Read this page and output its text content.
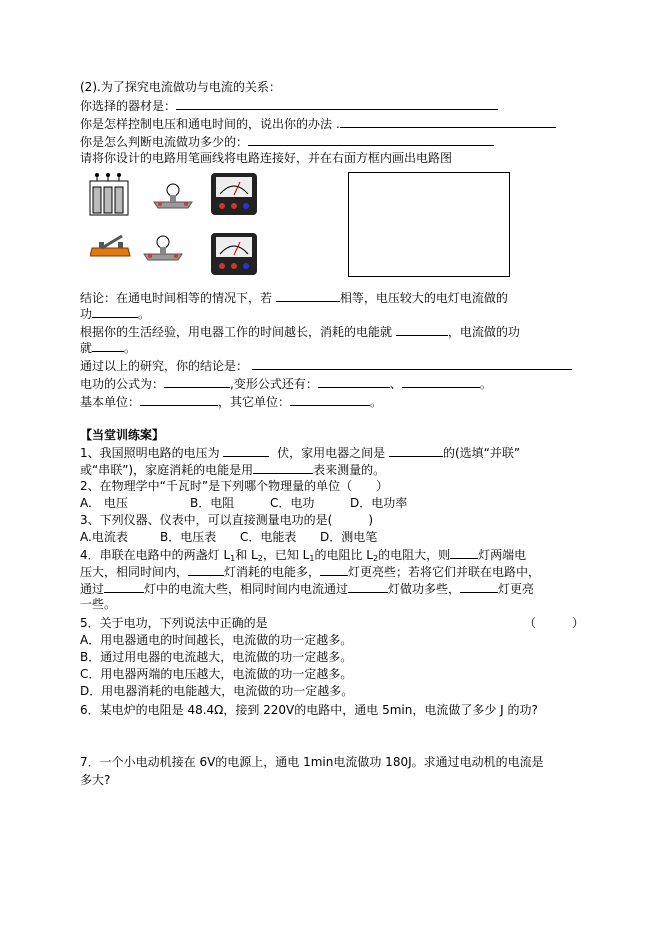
(2).为了探究电流做功与电流的关系：
你选择的器材是：
你是怎样控制电压和通电时间的，说出你的办法 .
你是怎么判断电流做功多少的：
请将你设计的电路用笔画线将电路连接好，并在右面方框内画出电路图
结论：在通电时间相等的情况下，若	相等，电压较大的电灯电流做的
功	。
根据你的生活经验，用电器工作的时间越长，消耗的电能就	，电流做的功
就	。
通过以上的研究，你的结论是：
电功的公式为：	,变形公式还有：	、	。
基本单位：	，其它单位：	。
【当堂训练案】
1、我国照明电路的电压为	伏，家用电器之间是	的(选填“并联”
或“串联”)，家庭消耗的电能是用	表来测量的。
2、在物理学中“千瓦时”是下列哪个物理量的单位（　　）
A.　电压	B．电阻	C．电功	D．电功率
3、下列仪器、仪表中，可以直接测量电功的是(　　　)
A.电流表	B．电压表 C．电能表 D．测电笔
4．串联在电路中的两盏灯 $L_1$和 $L_2$，已知 $L_1$的电阻比 $L_2$的电阻大，则 灯两端电
压大，相同时间内，	灯消耗的电能多， 灯更亮些；若将它们并联在电路中，
通过	灯中的电流大些，相同时间内电流通过	灯做功多些，	灯更亮
一些。
5．关于电功，下列说法中正确的是	（　　　）
A．用电器通电的时间越长，电流做的功一定越多。
B．通过用电器的电流越大，电流做的功一定越多。
C．用电器两端的电压越大，电流做的功一定越多。
D．用电器消耗的电能越大，电流做的功一定越多。
6．某电炉的电阻是 48.4Ω，接到 220V的电路中，通电 5min，电流做了多少 J 的功?
7．一个小电动机接在 6V的电源上，通电 1min电流做功 180J。求通过电动机的电流是
多大?
